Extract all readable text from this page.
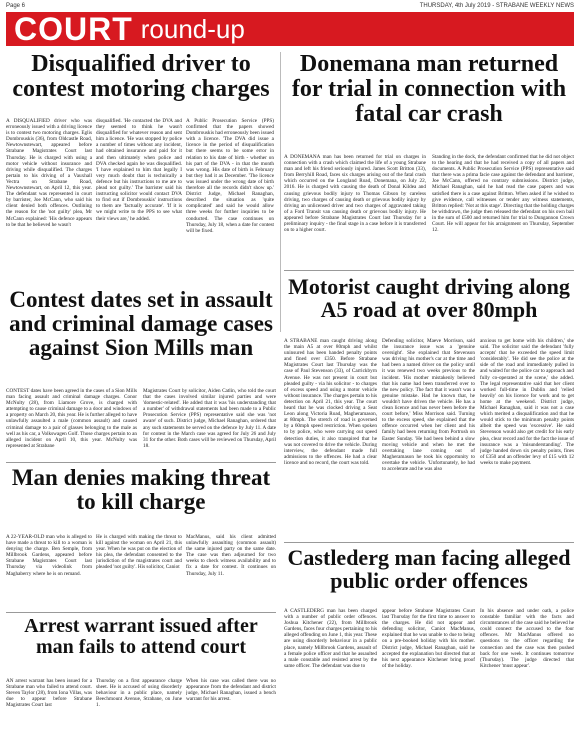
Page 6	THURSDAY, 4th July 2019 - STRABANE WEEKLY NEWS
COURT round-up
Disqualified driver to contest motoring charges
A DISQUALIFIED driver who was erroneously issued with a driving licence is to contest two motoring charges. Eglis Dombrouskis (36), from Oldcastle Road, Newtownstewart, appeared before Strabane Magistrates Court last Thursday. He is charged with using a motor vehicle without insurance and driving while disqualified. The charges pertain to his driving of a Vauxhall Vectra on Strabane Road, Newtownstewart, on April 12, this year. The defendant was represented in court by barrister, Joe McCann, who said his client denied both offences. Outlining the reason for the 'not guilty' plea, Mr McCann explained: 'His defence appears to be that he believed he wasn't
disqualified. 'He contacted the DVA and they seemed to think he wasn't disqualified for whatever reason and sent him a licence. 'He was stopped by police a number of times without any incident, had obtained insurance and paid for it and then ultimately when police and DVA checked again he was disqualified. 'I have explained to him that legally I very much doubt that is technically a defence but his instructions to me are to plead not guilty.' The barrister said his instructing solicitor would contact DVA to find out if Dombrouskis' instructions to them are 'factually accurate'. 'If it is we might write to the PPS to see what their views are,' he added.
A Public Prosecution Service (PPS) confirmed that the papers showed Dombrouskis had erroneously been issued with a licence. 'The DVA did issue a licence in the period of disqualification but there seems to be some error in relation to his date of birth - whether on his part of the DVA - in that the month was wrong. His date of birth is February but they had it as December. 'The licence was issued under the wrong date of birth therefore all the records didn't show up.' District Judge, Michael Ranaghan, described the situation as 'quite complicated' and said he would allow three weeks for further inquiries to be conducted. The case continues on Thursday, July 18, when a date for contest will be fixed.
Donemana man returned for trial in connection with fatal car crash
A DONEMANA man has been returned for trial on charges in connection with a crash which claimed the life of a young Strabane man and left his friend seriously injured. James Scott Britton (33), from Berryhill Road, faces six charges arising out of the fatal crash which occurred on the Longland Road, Donemana, on July 22, 2016. He is charged with causing the death of Donal Kildea and causing grievous bodily injury to Thomas Gibson by careless driving, two charges of causing death or grievous bodily injury by driving an unlicensed driver and two charges of aggravated taking of a Ford Transit van causing death or grievous bodily injury. He appeared before Strabane Magistrates Court last Thursday for a preliminary inquiry - the final stage in a case before it is transferred on to a higher court.
Standing in the dock, the defendant confirmed that he did not object to the hearing and that he had received a copy of all papers and documents. A Public Prosecution Service (PPS) representative said that there was a prima facie case against the defendant and barrister, Joe McCann, offered no contrary submissions. District judge, Michael Ranaghan, said he had read the case papers and was satisfied there is a case against Britton. When asked if he wished to give evidence, call witnesses or tender any witness statements, Britton replied: 'Not at this stage'. Directing that the holding charges be withdrawn, the judge then released the defendant on his own bail in the sum of £500 and returned him for trial to Dungannon Crown Court. He will appear for his arraignment on Thursday, September 12.
Contest dates set in assault and criminal damage cases against Sion Mills man
CONTEST dates have been agreed in the cases of a Sion Mills man facing assault and criminal damage charges. Conor McNulty (28), from Liamore Grove, is charged with attempting to cause criminal damage to a door and windows of a property on March 20, this year. He is further alleged to have unlawfully assaulted a male (common assault) and caused criminal damage to a pair of glasses belonging to the male as well as his car, a Volkswagen Golf. Those charges pertain to an alleged incident on April 10, this year. McNulty was represented at Strabane
Magistrates Court by solicitor, Aiden Catlin, who told the court that the cases involved similar injured parties and were 'domestic-related'. He added that it was 'his understanding that a number' of withdrawal statements had been made to a Public Prosecution Service (PPS) representative said she was 'not aware' of such. District judge, Michael Ranaghan, ordered that any such statements be served on the defence by July 11. A date for contest in the March case was agreed for July 26 and July 31 for the other. Both cases will be reviewed on Thursday, April 18.
Motorist caught driving along A5 road at over 80mph
A STRABANE man caught driving along the main A5 at over 80mph and whilst uninsured has been handed penalty points and fined over £350. Before Strabane Magistrates Court last Thursday was the case of Paul Stevenson (33), of Carrickbyrn Avenue. He was not present in court but pleaded guilty - via his solicitor - to charges of excess speed and using a motor vehicle without insurance. The charges pertain to his detection on April 21, this year. The court heard that he was clocked driving a Seat Leon along Victoria Road, Magheramason, at 80mph. The stretch of road is governed by a 60mph speed restriction. When spoken to by police, who were carrying out speed detection duties, it also transpired that he was not covered to drive the vehicle. During interview, the defendant made full admissions to the offences. He had a clear licence and no record, the court was told.
Defending solicitor, Maeve Morrison, said the insurance issue was a 'genuine oversight'. She explained that Stevenson was driving his mother's car at the time and had been a named driver on the policy until it was renewed two weeks previous to the incident. 'His mother mistakenly believed that his name had been transferred over to the new policy. The fact that it wasn't was a genuine mistake. Had he known that, he wouldn't have driven the vehicle. He has a clean licence and has never been before the court before,' Miss Morrison said. Turning to the excess speed, she explained that the offence occurred when her client and his family had been returning from Portrush on Easter Sunday. 'He had been behind a slow moving vehicle and when he met the overtaking lane coming out of Magheramason he took his opportunity to overtake the vehicle. 'Unfortunately, he had to accelerate and he was also
anxious to get home with his children,' she said. The solicitor said the defendant 'fully accepts' that he exceeded the speed limit 'considerably'. 'He did see the police at the side of the road and immediately pulled in and waited for the police car to approach and fully co-operated at the scene,' she added. The legal representative said that her client worked full-time in Dublin and 'relied heavily' on his licence for work and to get home at the weekend. District judge, Michael Ranaghan, said it was not a case which merited a disqualification and that he would stick to the minimum penalty points albeit the speed was 'excessive'. He said Stevenson would also get credit for his early plea, clear record and for the fact the issue of insurance was a 'misunderstanding'. The judge handed down six penalty points, fines of £350 and an offender levy of £15 with 12 weeks to make payment.
Man denies making threat to kill charge
A 22-YEAR-OLD man who is alleged to have made a threat to kill to a woman is denying the charge. Ben Semple, from Millbrook Gardens, appeared before Strabane Magistrates Court last Thursday via videolink from Maghaberry where he is on remand.
He is charged with making the threat to kill against the woman on April 21, this year. When he was put on the election of his plea, the defendant consented to the jurisdiction of the magistrates court and pleaded 'not guilty'. His solicitor, Caniot
MacManus, said his client admitted unlawfully assaulting (common assault) the same injured party on the same date. The case was then adjourned for two weeks to check witness availability and to fix a date for contest. It continues on Thursday, July 11.
Castlederg man facing alleged public order offences
A CASTLEDERG man has been charged with a number of public order offences. Joshua Kitchener (22), from Millbrook Gardens, faces four charges pertaining to his alleged offending on June 1, this year. These are using disorderly behaviour in a public place, namely Millbrook Gardens, assault of a female police officer and that he assaulted a male constable and resisted arrest by the same officer. The defendant was due to
appear before Strabane Magistrates Court last Thursday for the first time to answer to the charges. He did not appear and defending solicitor, Caniot MacManus, explained that he was unable to due to being on a pre-booked holiday with his mother. District judge, Michael Ranaghan, said he accepted the explanation but directed that at his next appearance Kitchener bring proof of the holiday.
In his absence and under oath, a police constable familiar with the facts and circumstances of the case said he believed he could connect the accused to the four offences. Mr MacManus offered no questions to the officer regarding the connection and the case was then pushed back for one week. It continues tomorrow (Thursday). The judge directed that Kitchener 'must appear'.
Arrest warrant issued after man fails to attend court
AN arrest warrant has been issued for a Strabane man who failed to attend court. Steven Taylor (28), from Iona Villas, was due to appear before Strabane Magistrates Court last
Thursday on a first appearance charge sheet. He is accused of using disorderly behaviour in a public place, namely Beechmount Avenue, Strabane, on June 1.
When his case was called there was no appearance from the defendant and district judge, Michael Ranaghan, issued a bench warrant for his arrest.
